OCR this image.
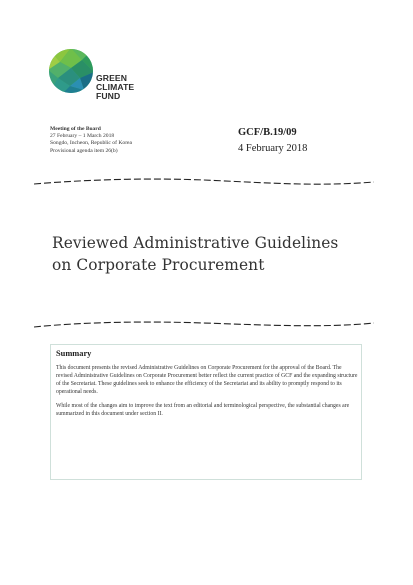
GREEN
CLIMATE
FUND
Meeting of the Board
27 February – 1 March 2018
Songdo, Incheon, Republic of Korea
Provisional agenda item 26(b)
GCF/B.19/09
4 February 2018
Reviewed Administrative Guidelines
on Corporate Procurement
Summary

This document presents the revised Administrative Guidelines on Corporate Procurement for the approval of the Board. The revised Administrative Guidelines on Corporate Procurement better reflect the current practice of GCF and the expanding structure of the Secretariat. These guidelines seek to enhance the efficiency of the Secretariat and its ability to promptly respond to its operational needs.

While most of the changes aim to improve the text from an editorial and terminological perspective, the substantial changes are summarized in this document under section II.
